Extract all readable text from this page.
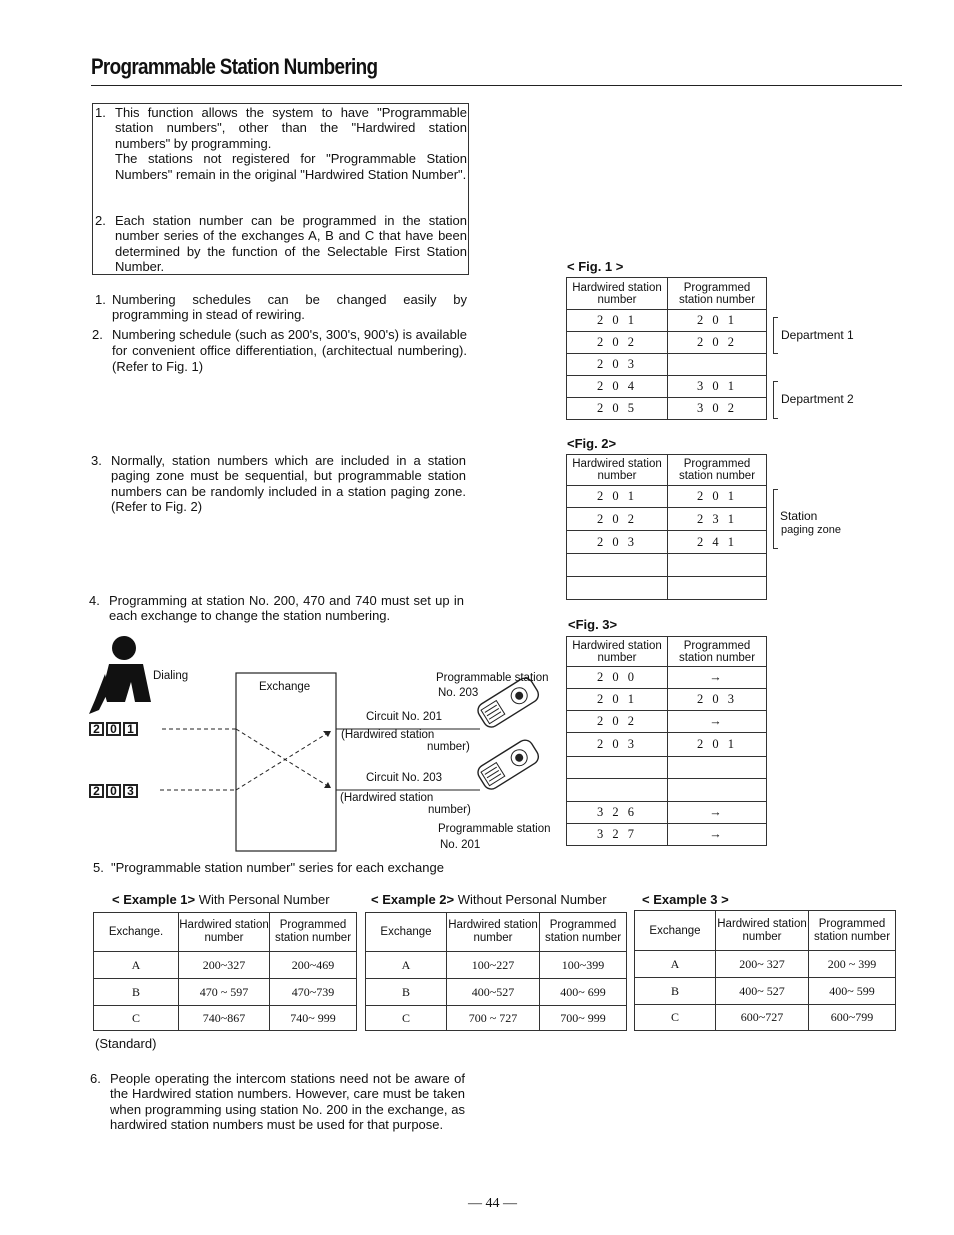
Programmable Station Numbering
1. This function allows the system to have "Programmable station numbers", other than the "Hardwired station numbers" by programming.
The stations not registered for "Programmable Station Numbers" remain in the original "Hardwired Station Number".
2. Each station number can be programmed in the station number series of the exchanges A, B and C that have been determined by the function of the Selectable First Station Number.
1. Numbering schedules can be changed easily by programming in stead of rewiring.
2. Numbering schedule (such as 200's, 300's, 900's) is available for convenient office differentiation, (architectual numbering). (Refer to Fig. 1)
3. Normally, station numbers which are included in a station paging zone must be sequential, but programmable station numbers can be randomly included in a station paging zone. (Refer to Fig. 2)
4. Programming at station No. 200, 470 and 740 must set up in each exchange to change the station numbering.
< Fig. 1 >
Hardwired station number	Programmed station number
2 0 1	2 0 1
2 0 2	2 0 2
2 0 3	
2 0 4	3 0 1
2 0 5	3 0 2
Department 1
Department 2
<Fig. 2>
Hardwired station number	Programmed station number
2 0 1	2 0 1
2 0 2	2 3 1
2 0 3	2 4 1

Station
paging zone
<Fig. 3>
Hardwired station number	Programmed station number
2 0 0	→
2 0 1	2 0 3
2 0 2	→
2 0 3	2 0 1

3 2 6	→
3 2 7	→
Dialing
2 0 1
2 0 3
Exchange
Programmable station
No. 203
Circuit No. 201
(Hardwired station
number)
Circuit No. 203
(Hardwired station
number)
Programmable station
No. 201
5. "Programmable station number" series for each exchange
< Example 1> With Personal Number	< Example 2> Without Personal Number	< Example 3 >
Exchange.	Hardwired station number	Programmed station number
A	200~327	200~469
B	470 ~ 597	470~739
C	740~867	740~ 999
Exchange	Hardwired station number	Programmed station number
A	100~227	100~399
B	400~527	400~ 699
C	700 ~ 727	700~ 999
Exchange	Hardwired station number	Programmed station number
A	200~ 327	200 ~ 399
B	400~ 527	400~ 599
C	600~727	600~799
(Standard)
6. People operating the intercom stations need not be aware of the Hardwired station numbers. However, care must be taken when programming using station No. 200 in the exchange, as hardwired station numbers must be used for that purpose.
— 44 —
